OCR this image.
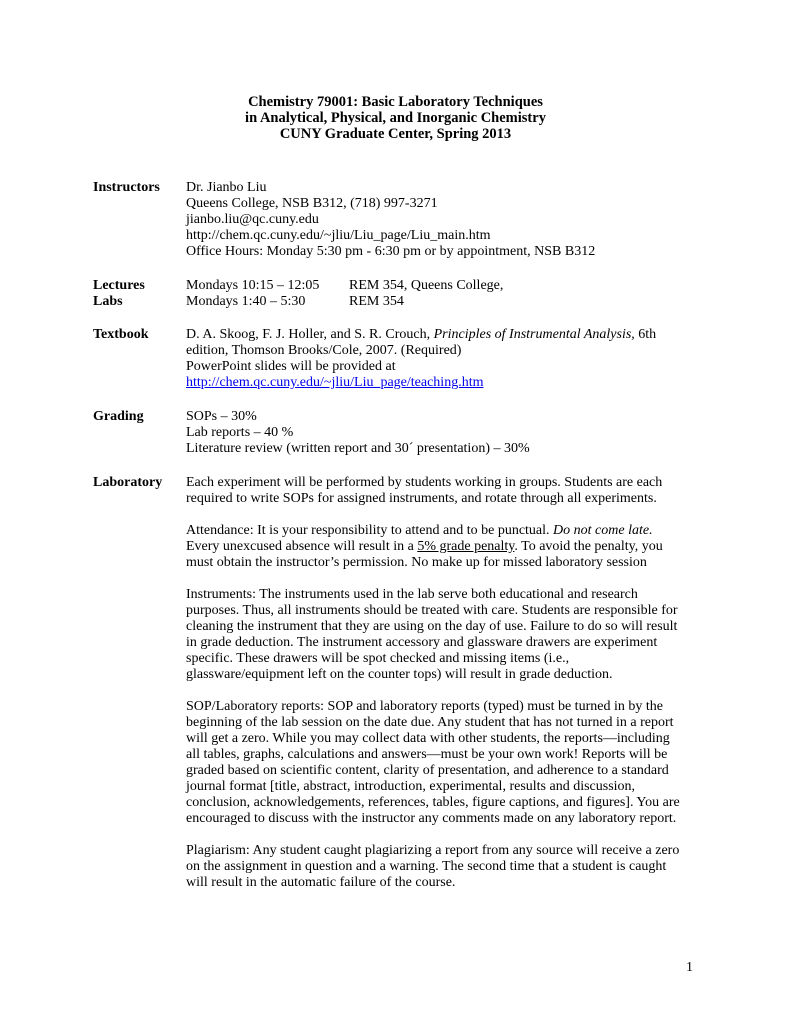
Chemistry 79001: Basic Laboratory Techniques
in Analytical, Physical, and Inorganic Chemistry
CUNY Graduate Center, Spring 2013
Instructors Dr. Jianbo Liu
Queens College, NSB B312, (718) 997-3271
jianbo.liu@qc.cuny.edu
http://chem.qc.cuny.edu/~jliu/Liu_page/Liu_main.htm
Office Hours: Monday 5:30 pm - 6:30 pm or by appointment, NSB B312
Lectures	Mondays 10:15 – 12:05 REM 354, Queens College,
Labs	Mondays 1:40 – 5:30	REM 354
Textbook	D. A. Skoog, F. J. Holler, and S. R. Crouch, Principles of Instrumental Analysis, 6th
edition, Thomson Brooks/Cole, 2007. (Required)
PowerPoint slides will be provided at
http://chem.qc.cuny.edu/~jliu/Liu_page/teaching.htm
Grading	SOPs – 30%
Lab reports – 40 %
Literature review (written report and 30´ presentation) – 30%
Laboratory Each experiment will be performed by students working in groups. Students are each
required to write SOPs for assigned instruments, and rotate through all experiments.
Attendance: It is your responsibility to attend and to be punctual. Do not come late.
Every unexcused absence will result in a 5% grade penalty. To avoid the penalty, you
must obtain the instructor’s permission. No make up for missed laboratory session
Instruments: The instruments used in the lab serve both educational and research
purposes. Thus, all instruments should be treated with care. Students are responsible for
cleaning the instrument that they are using on the day of use. Failure to do so will result
in grade deduction. The instrument accessory and glassware drawers are experiment
specific. These drawers will be spot checked and missing items (i.e.,
glassware/equipment left on the counter tops) will result in grade deduction.
SOP/Laboratory reports: SOP and laboratory reports (typed) must be turned in by the
beginning of the lab session on the date due. Any student that has not turned in a report
will get a zero. While you may collect data with other students, the reports—including
all tables, graphs, calculations and answers—must be your own work! Reports will be
graded based on scientific content, clarity of presentation, and adherence to a standard
journal format [title, abstract, introduction, experimental, results and discussion,
conclusion, acknowledgements, references, tables, figure captions, and figures]. You are
encouraged to discuss with the instructor any comments made on any laboratory report.
Plagiarism: Any student caught plagiarizing a report from any source will receive a zero
on the assignment in question and a warning. The second time that a student is caught
will result in the automatic failure of the course.
1
